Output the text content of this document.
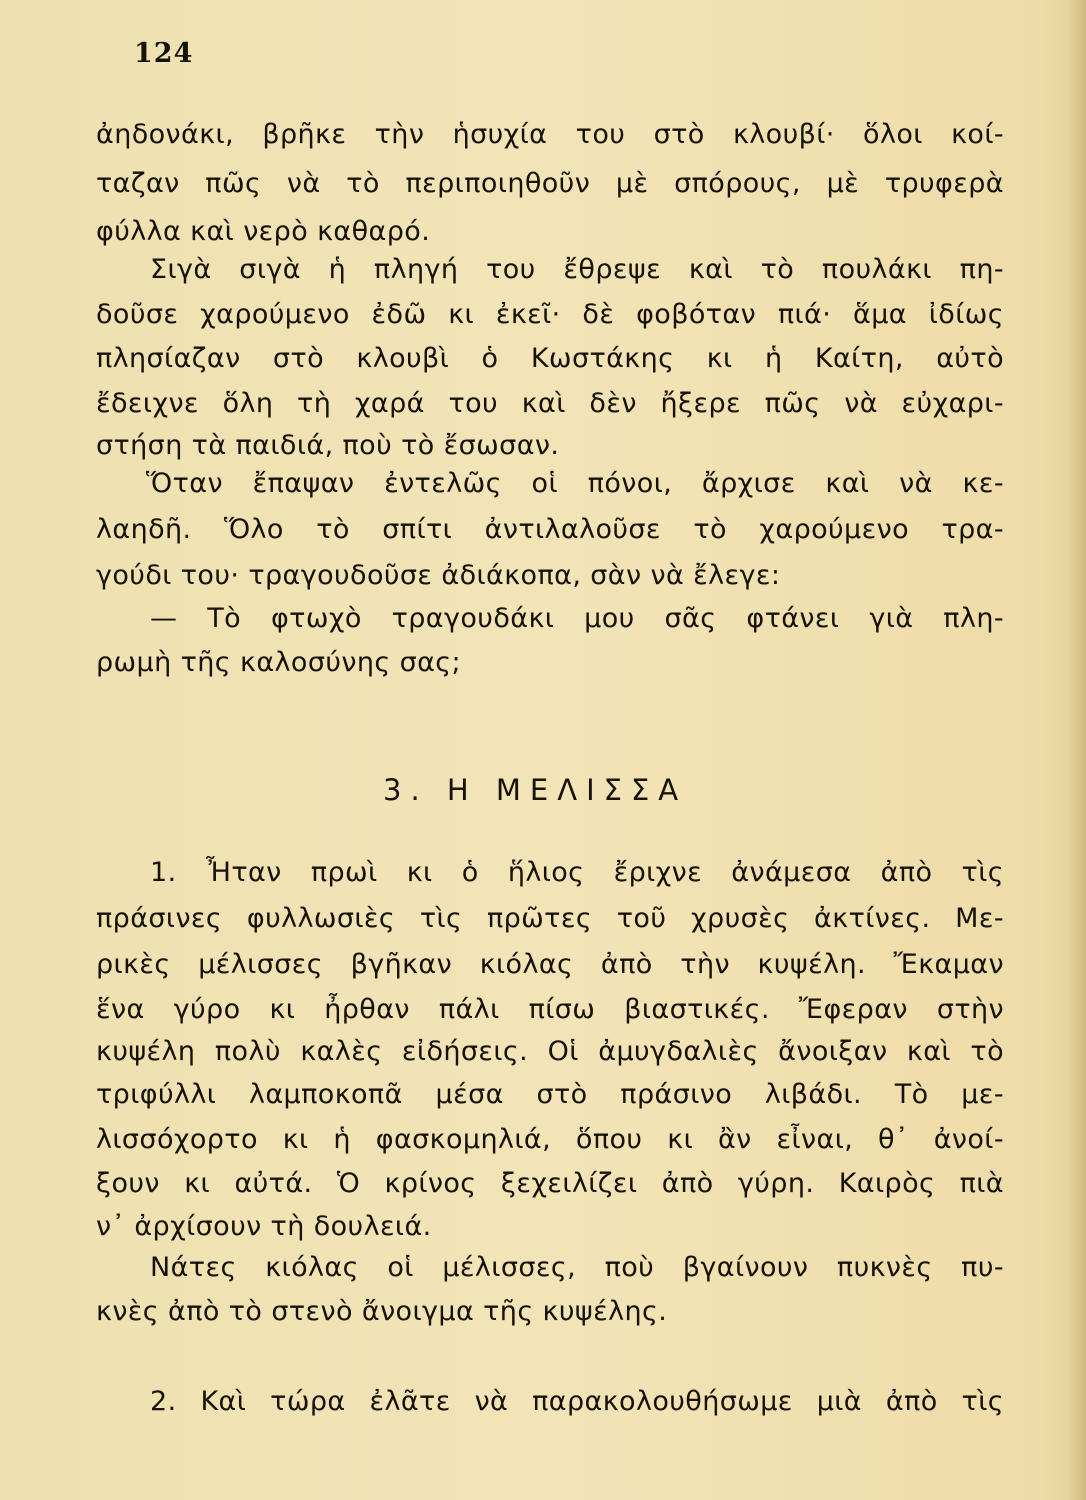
124
ἀηδονάκι, βρῆκε τὴν ἡσυχία του στὸ κλουβί· ὅλοι κοί-
ταζαν πῶς νὰ τὸ περιποιηθοῦν μὲ σπόρους, μὲ τρυφερὰ
φύλλα καὶ νερὸ καθαρό.
Σιγὰ σιγὰ ἡ πληγή του ἔθρεψε καὶ τὸ πουλάκι πη-
δοῦσε χαρούμενο ἐδῶ κι ἐκεῖ· δὲ φοβόταν πιά· ἅμα ἰδίως
πλησίαζαν στὸ κλουβὶ ὁ Κωστάκης κι ἡ Καίτη, αὐτὸ
ἔδειχνε ὅλη τὴ χαρά του καὶ δὲν ἤξερε πῶς νὰ εὐχαρι-
στήση τὰ παιδιά, ποὺ τὸ ἔσωσαν.
Ὅταν ἔπαψαν ἐντελῶς οἱ πόνοι, ἄρχισε καὶ νὰ κε-
λαηδῆ. Ὅλο τὸ σπίτι ἀντιλαλοῦσε τὸ χαρούμενο τρα-
γούδι του· τραγουδοῦσε ἀδιάκοπα, σὰν νὰ ἔλεγε:
— Τὸ φτωχὸ τραγουδάκι μου σᾶς φτάνει γιὰ πλη-
ρωμὴ τῆς καλοσύνης σας;
3. Η ΜΕΛΙΣΣΑ
1. Ἦταν πρωὶ κι ὁ ἥλιος ἔριχνε ἀνάμεσα ἀπὸ τὶς
πράσινες φυλλωσιὲς τὶς πρῶτες τοῦ χρυσὲς ἀκτίνες. Με-
ρικὲς μέλισσες βγῆκαν κιόλας ἀπὸ τὴν κυψέλη. Ἔκαμαν
ἕνα γύρο κι ἦρθαν πάλι πίσω βιαστικές. Ἔφεραν στὴν
κυψέλη πολὺ καλὲς εἰδήσεις. Οἱ ἀμυγδαλιὲς ἄνοιξαν καὶ τὸ
τριφύλλι λαμποκοπᾶ μέσα στὸ πράσινο λιβάδι. Τὸ με-
λισσόχορτο κι ἡ φασκομηλιά, ὅπου κι ἂν εἶναι, θ᾽ ἀνοί-
ξουν κι αὐτά. Ὁ κρίνος ξεχειλίζει ἀπὸ γύρη. Καιρὸς πιὰ
ν᾽ ἀρχίσουν τὴ δουλειά.
Νάτες κιόλας οἱ μέλισσες, ποὺ βγαίνουν πυκνὲς πυ-
κνὲς ἀπὸ τὸ στενὸ ἄνοιγμα τῆς κυψέλης.
2. Καὶ τώρα ἐλᾶτε νὰ παρακολουθήσωμε μιὰ ἀπὸ τὶς
